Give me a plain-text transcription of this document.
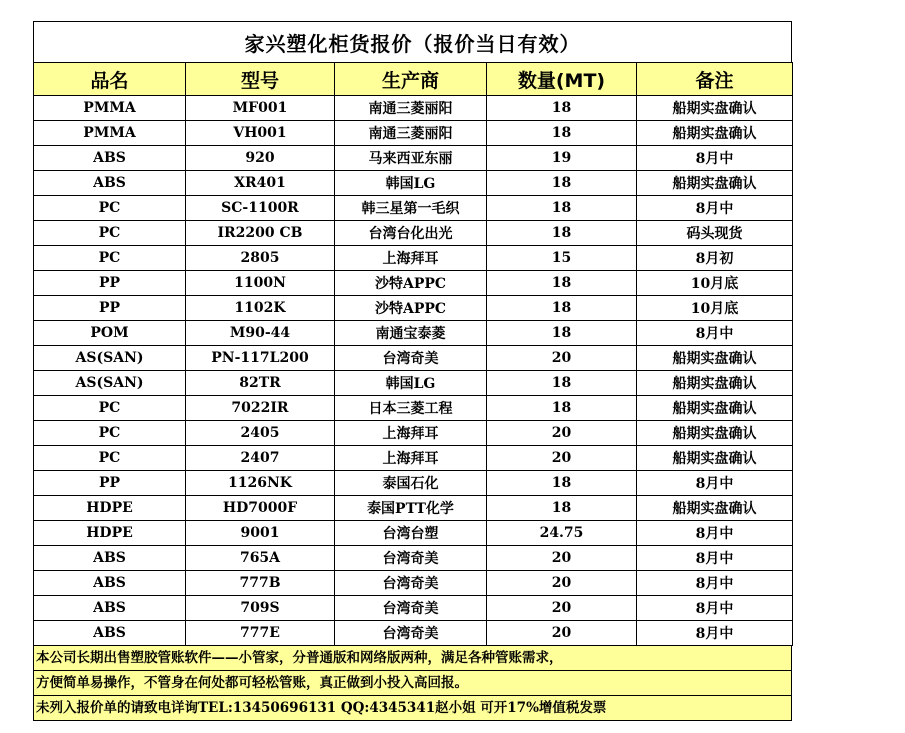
家兴塑化柜货报价（报价当日有效）
品名	型号	生产商	数量(MT)	备注
PMMA	MF001	南通三菱丽阳	18	船期实盘确认
PMMA	VH001	南通三菱丽阳	18	船期实盘确认
ABS	920	马来西亚东丽	19	8月中
ABS	XR401	韩国LG	18	船期实盘确认
PC	SC-1100R	韩三星第一毛织	18	8月中
PC	IR2200 CB	台湾台化出光	18	码头现货
PC	2805	上海拜耳	15	8月初
PP	1100N	沙特APPC	18	10月底
PP	1102K	沙特APPC	18	10月底
POM	M90-44	南通宝泰菱	18	8月中
AS(SAN)	PN-117L200	台湾奇美	20	船期实盘确认
AS(SAN)	82TR	韩国LG	18	船期实盘确认
PC	7022IR	日本三菱工程	18	船期实盘确认
PC	2405	上海拜耳	20	船期实盘确认
PC	2407	上海拜耳	20	船期实盘确认
PP	1126NK	泰国石化	18	8月中
HDPE	HD7000F	泰国PTT化学	18	船期实盘确认
HDPE	9001	台湾台塑	24.75	8月中
ABS	765A	台湾奇美	20	8月中
ABS	777B	台湾奇美	20	8月中
ABS	709S	台湾奇美	20	8月中
ABS	777E	台湾奇美	20	8月中
本公司长期出售塑胶管账软件——小管家，分普通版和网络版两种，满足各种管账需求，
方便简单易操作，不管身在何处都可轻松管账，真正做到小投入高回报。
未列入报价单的请致电详询TEL:13450696131 QQ:4345341赵小姐 可开17%增值税发票
